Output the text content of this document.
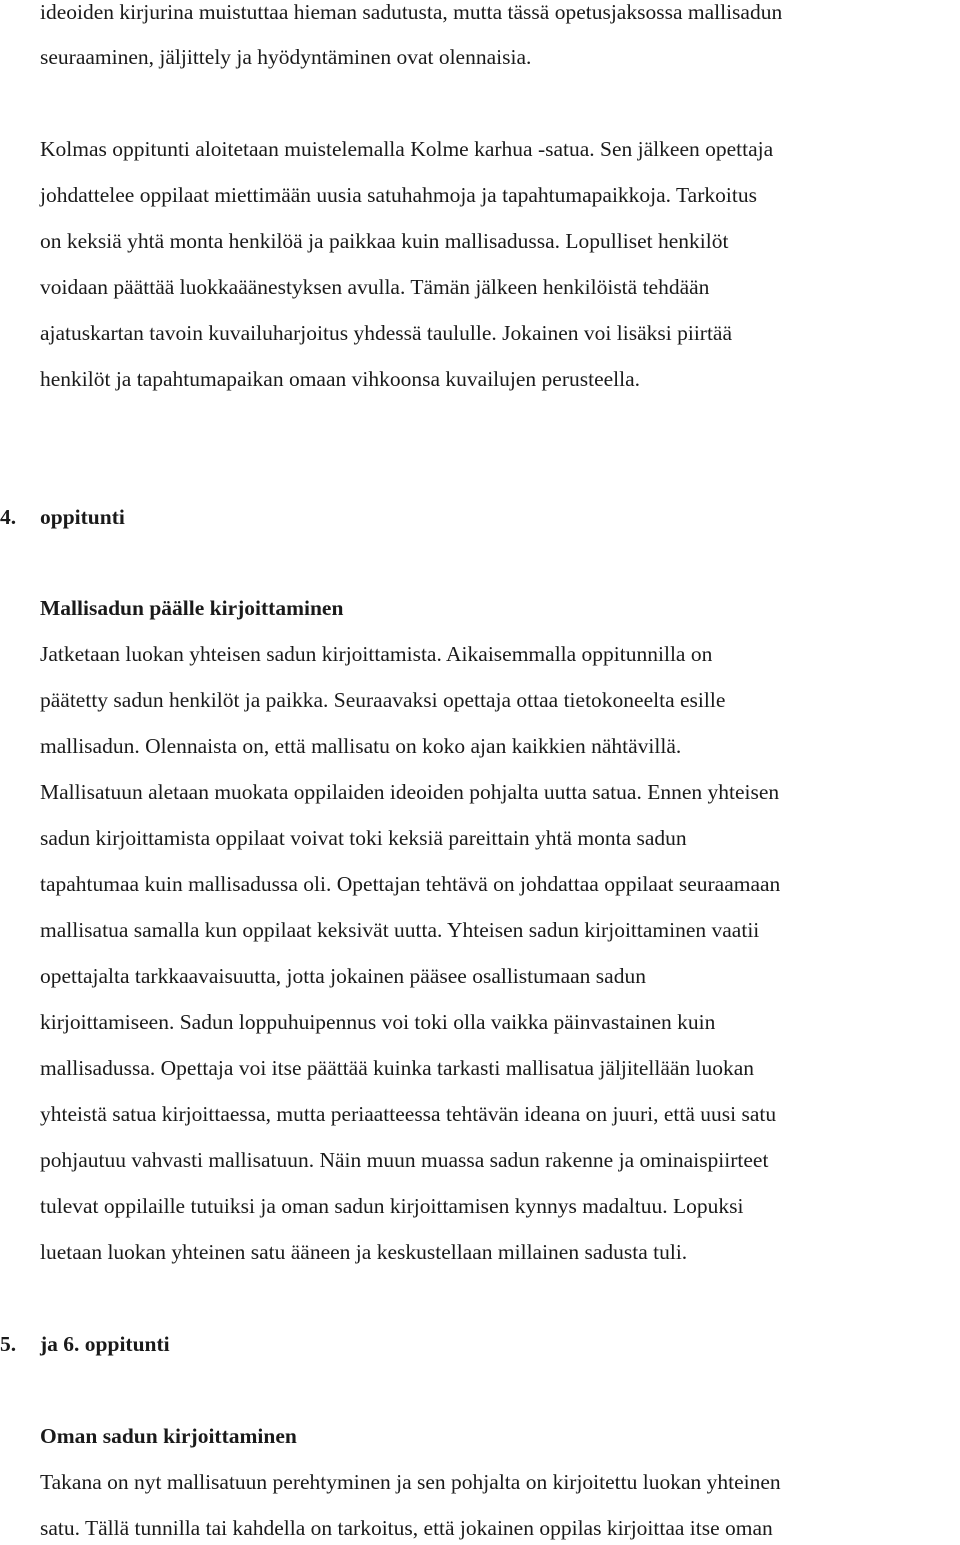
ideoiden kirjurina muistuttaa hieman sadutusta, mutta tässä opetusjaksossa mallisadun
seuraaminen, jäljittely ja hyödyntäminen ovat olennaisia.
Kolmas oppitunti aloitetaan muistelemalla Kolme karhua -satua. Sen jälkeen opettaja
johdattelee oppilaat miettimään uusia satuhahmoja ja tapahtumapaikkoja. Tarkoitus
on keksiä yhtä monta henkilöä ja paikkaa kuin mallisadussa. Lopulliset henkilöt
voidaan päättää luokkaäänestyksen avulla. Tämän jälkeen henkilöistä tehdään
ajatuskartan tavoin kuvailuharjoitus yhdessä taululle. Jokainen voi lisäksi piirtää
henkilöt ja tapahtumapaikan omaan vihkoonsa kuvailujen perusteella.
4. oppitunti
Mallisadun päälle kirjoittaminen
Jatketaan luokan yhteisen sadun kirjoittamista. Aikaisemmalla oppitunnilla on
päätetty sadun henkilöt ja paikka. Seuraavaksi opettaja ottaa tietokoneelta esille
mallisadun. Olennaista on, että mallisatu on koko ajan kaikkien nähtävillä.
Mallisatuun aletaan muokata oppilaiden ideoiden pohjalta uutta satua. Ennen yhteisen
sadun kirjoittamista oppilaat voivat toki keksiä pareittain yhtä monta sadun
tapahtumaa kuin mallisadussa oli. Opettajan tehtävä on johdattaa oppilaat seuraamaan
mallisatua samalla kun oppilaat keksivät uutta. Yhteisen sadun kirjoittaminen vaatii
opettajalta tarkkaavaisuutta, jotta jokainen pääsee osallistumaan sadun
kirjoittamiseen. Sadun loppuhuipennus voi toki olla vaikka päinvastainen kuin
mallisadussa. Opettaja voi itse päättää kuinka tarkasti mallisatua jäljitellään luokan
yhteistä satua kirjoittaessa, mutta periaatteessa tehtävän ideana on juuri, että uusi satu
pohjautuu vahvasti mallisatuun. Näin muun muassa sadun rakenne ja ominaispiirteet
tulevat oppilaille tutuiksi ja oman sadun kirjoittamisen kynnys madaltuu. Lopuksi
luetaan luokan yhteinen satu ääneen ja keskustellaan millainen sadusta tuli.
5. ja 6. oppitunti
Oman sadun kirjoittaminen
Takana on nyt mallisatuun perehtyminen ja sen pohjalta on kirjoitettu luokan yhteinen
satu. Tällä tunnilla tai kahdella on tarkoitus, että jokainen oppilas kirjoittaa itse oman
